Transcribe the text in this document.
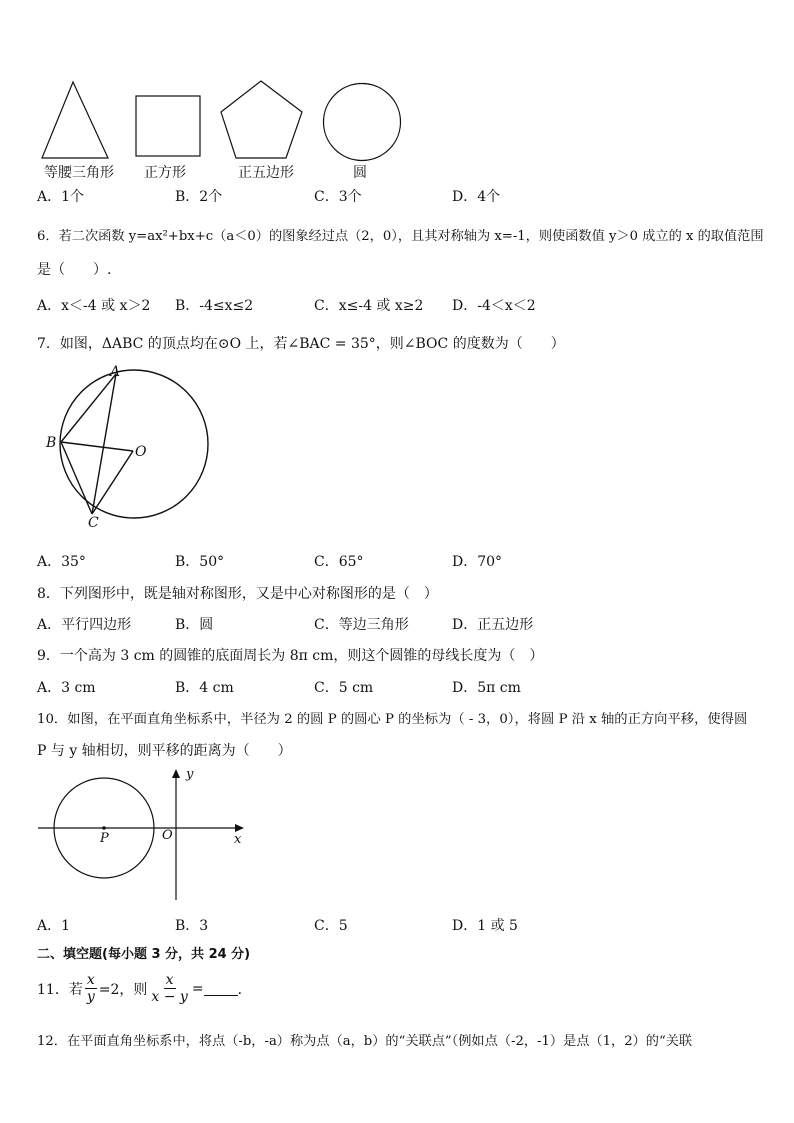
等腰三角形 正方形	正五边形	圆
A．1个	B．2个	C．3个	D．4个
6．若二次函数 y=ax²+bx+c（a＜0）的图象经过点（2，0），且其对称轴为 x=-1，则使函数值 y＞0 成立的 x 的取值范围
是（　　）.
A．x＜-4 或 x＞2 B．-4≤x≤2	C．x≤-4 或 x≥2 D．-4＜x＜2
7．如图，ΔABC 的顶点均在⊙O 上，若∠BAC = 35°，则∠BOC 的度数为（　　）
A
B
C
O
A．35°	B．50°	C．65°	D．70°
8．下列图形中，既是轴对称图形，又是中心对称图形的是（　）
A．平行四边形	B．圆	C．等边三角形	D．正五边形
9．一个高为 3 cm 的圆锥的底面周长为 8π cm，则这个圆锥的母线长度为（　）
A．3 cm	B．4 cm	C．5 cm	D．5π cm
10．如图，在平面直角坐标系中，半径为 2 的圆 P 的圆心 P 的坐标为（ - 3，0），将圆 P 沿 x 轴的正方向平移，使得圆
P 与 y 轴相切，则平移的距离为（　　）
P	O	x
y
A．1	B．3	C．5	D．1 或 5
二、填空题(每小题 3 分，共 24 分)
11．若 $\frac{x}{y} =2$，则 $\frac{x}{x - y}$ = ．
12．在平面直角坐标系中，将点（-b，-a）称为点（a，b）的“关联点”（例如点（-2，-1）是点（1，2）的“关联
